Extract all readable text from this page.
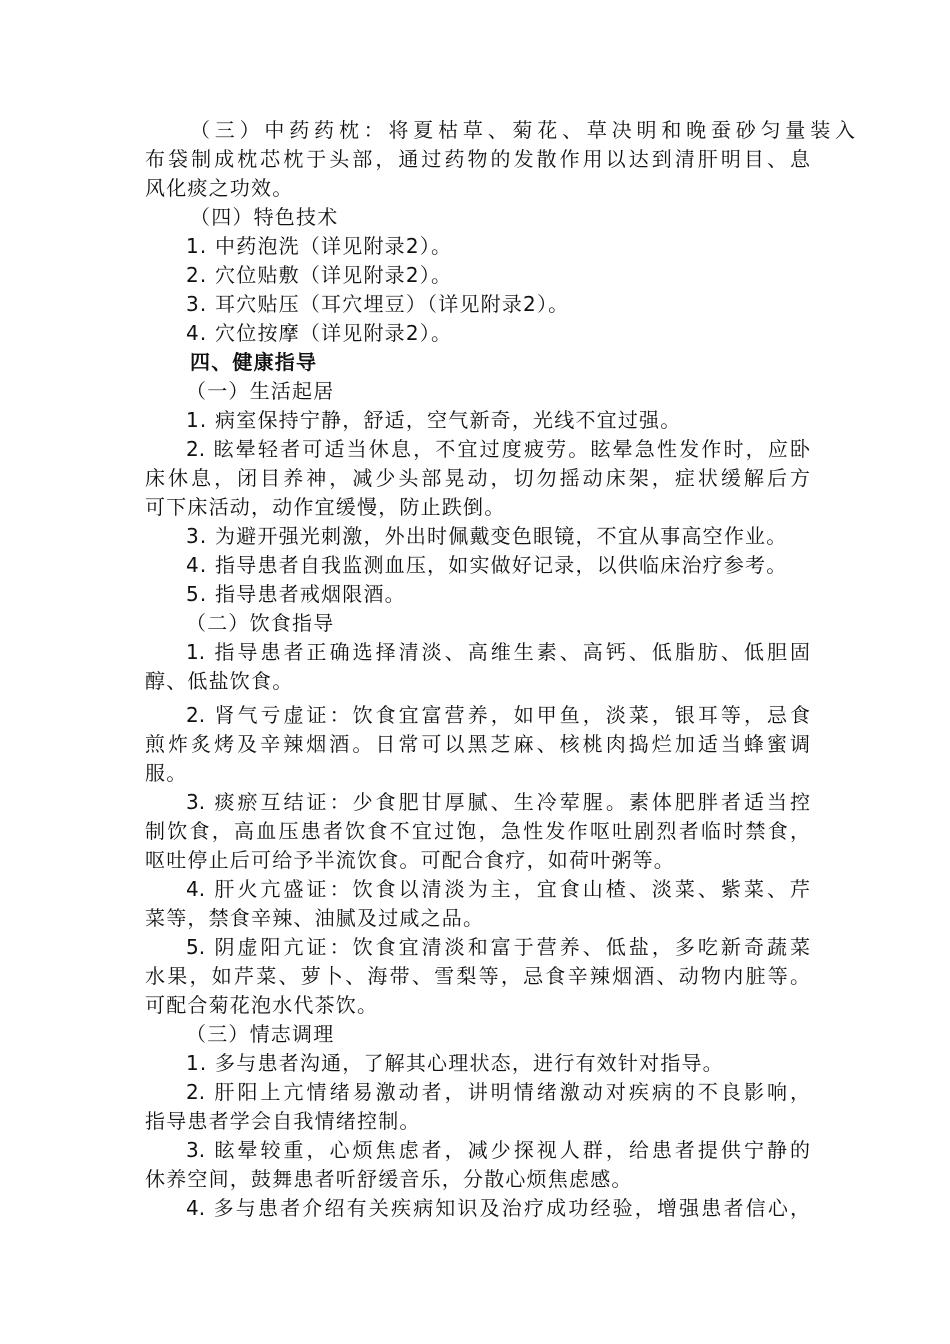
（三）中药药枕：将夏枯草、菊花、草决明和晚蚕砂匀量装入
布袋制成枕芯枕于头部，通过药物的发散作用以达到清肝明目、息
风化痰之功效。
（四）特色技术
1. 中药泡洗（详见附录2）。
2. 穴位贴敷（详见附录2）。
3. 耳穴贴压（耳穴埋豆）（详见附录2）。
4. 穴位按摩（详见附录2）。
四、健康指导
（一）生活起居
1. 病室保持宁静，舒适，空气新奇，光线不宜过强。
2. 眩晕轻者可适当休息，不宜过度疲劳。眩晕急性发作时，应卧
床休息，闭目养神，减少头部晃动，切勿摇动床架，症状缓解后方
可下床活动，动作宜缓慢，防止跌倒。
3. 为避开强光刺激，外出时佩戴变色眼镜，不宜从事高空作业。
4. 指导患者自我监测血压，如实做好记录，以供临床治疗参考。
5. 指导患者戒烟限酒。
（二）饮食指导
1. 指导患者正确选择清淡、高维生素、高钙、低脂肪、低胆固
醇、低盐饮食。
2. 肾气亏虚证：饮食宜富营养，如甲鱼，淡菜，银耳等，忌食
煎炸炙烤及辛辣烟酒。日常可以黑芝麻、核桃肉捣烂加适当蜂蜜调
服。
3. 痰瘀互结证：少食肥甘厚腻、生冷荤腥。素体肥胖者适当控
制饮食，高血压患者饮食不宜过饱，急性发作呕吐剧烈者临时禁食，
呕吐停止后可给予半流饮食。可配合食疗，如荷叶粥等。
4. 肝火亢盛证：饮食以清淡为主，宜食山楂、淡菜、紫菜、芹
菜等，禁食辛辣、油腻及过咸之品。
5. 阴虚阳亢证：饮食宜清淡和富于营养、低盐，多吃新奇蔬菜
水果，如芹菜、萝卜、海带、雪梨等，忌食辛辣烟酒、动物内脏等。
可配合菊花泡水代茶饮。
（三）情志调理
1. 多与患者沟通，了解其心理状态，进行有效针对指导。
2. 肝阳上亢情绪易激动者，讲明情绪激动对疾病的不良影响，
指导患者学会自我情绪控制。
3. 眩晕较重，心烦焦虑者，减少探视人群，给患者提供宁静的
休养空间，鼓舞患者听舒缓音乐，分散心烦焦虑感。
4. 多与患者介绍有关疾病知识及治疗成功经验，增强患者信心，
